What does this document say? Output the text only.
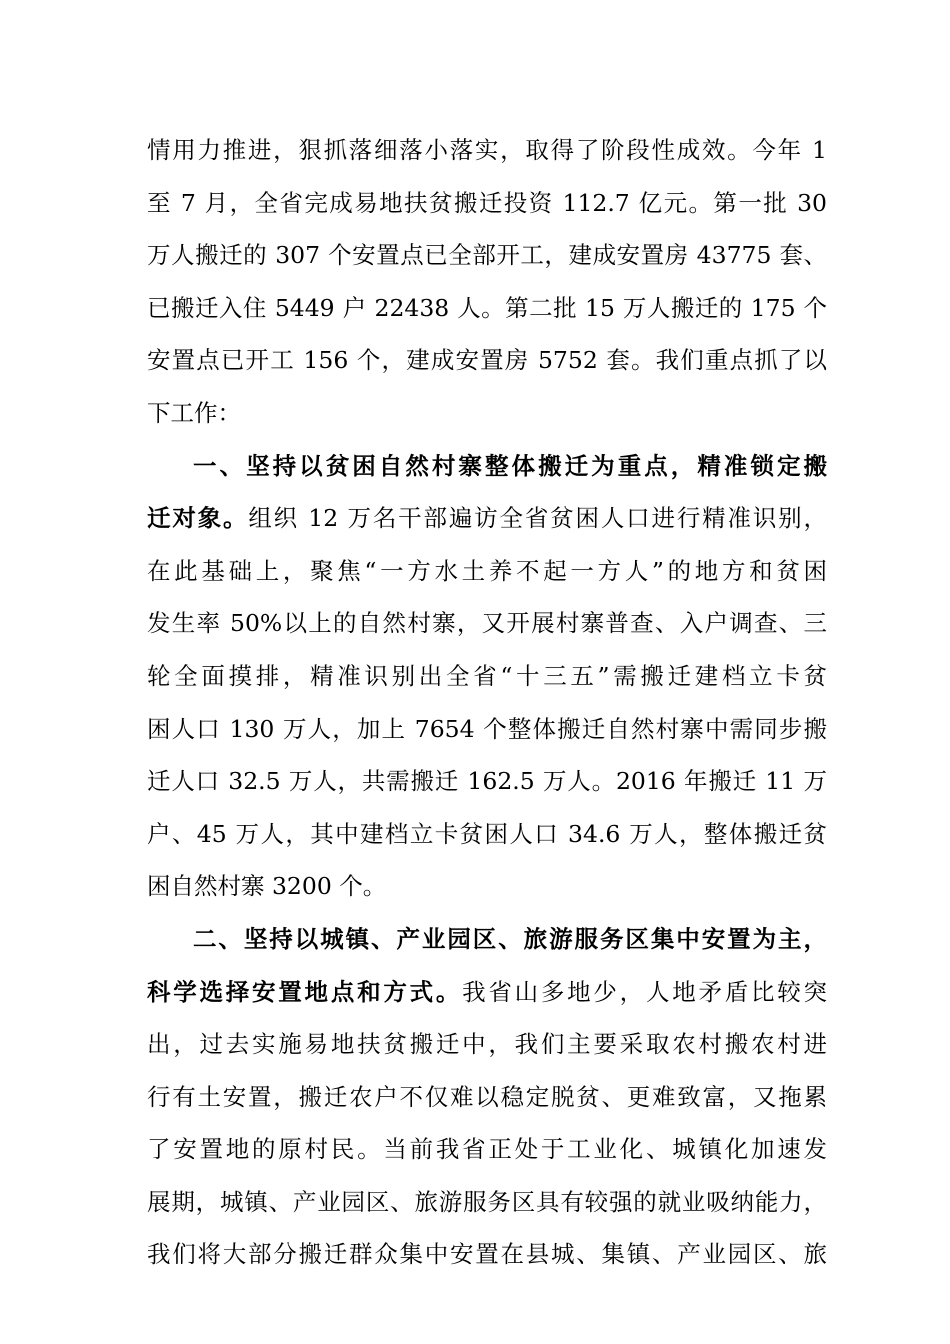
情用力推进，狠抓落细落小落实，取得了阶段性成效。今年 1
至 7 月，全省完成易地扶贫搬迁投资 112.7 亿元。第一批 30
万人搬迁的 307 个安置点已全部开工，建成安置房 43775 套、
已搬迁入住 5449 户 22438 人。第二批 15 万人搬迁的 175 个
安置点已开工 156 个，建成安置房 5752 套。我们重点抓了以
下工作：
一、坚持以贫困自然村寨整体搬迁为重点，精准锁定搬
迁对象。组织 12 万名干部遍访全省贫困人口进行精准识别，
在此基础上，聚焦“一方水土养不起一方人”的地方和贫困
发生率 50%以上的自然村寨，又开展村寨普查、入户调查、三
轮全面摸排，精准识别出全省“十三五”需搬迁建档立卡贫
困人口 130 万人，加上 7654 个整体搬迁自然村寨中需同步搬
迁人口 32.5 万人，共需搬迁 162.5 万人。2016 年搬迁 11 万
户、45 万人，其中建档立卡贫困人口 34.6 万人，整体搬迁贫
困自然村寨 3200 个。
二、坚持以城镇、产业园区、旅游服务区集中安置为主，
科学选择安置地点和方式。我省山多地少，人地矛盾比较突
出，过去实施易地扶贫搬迁中，我们主要采取农村搬农村进
行有土安置，搬迁农户不仅难以稳定脱贫、更难致富，又拖累
了安置地的原村民。当前我省正处于工业化、城镇化加速发
展期，城镇、产业园区、旅游服务区具有较强的就业吸纳能力，
我们将大部分搬迁群众集中安置在县城、集镇、产业园区、旅
